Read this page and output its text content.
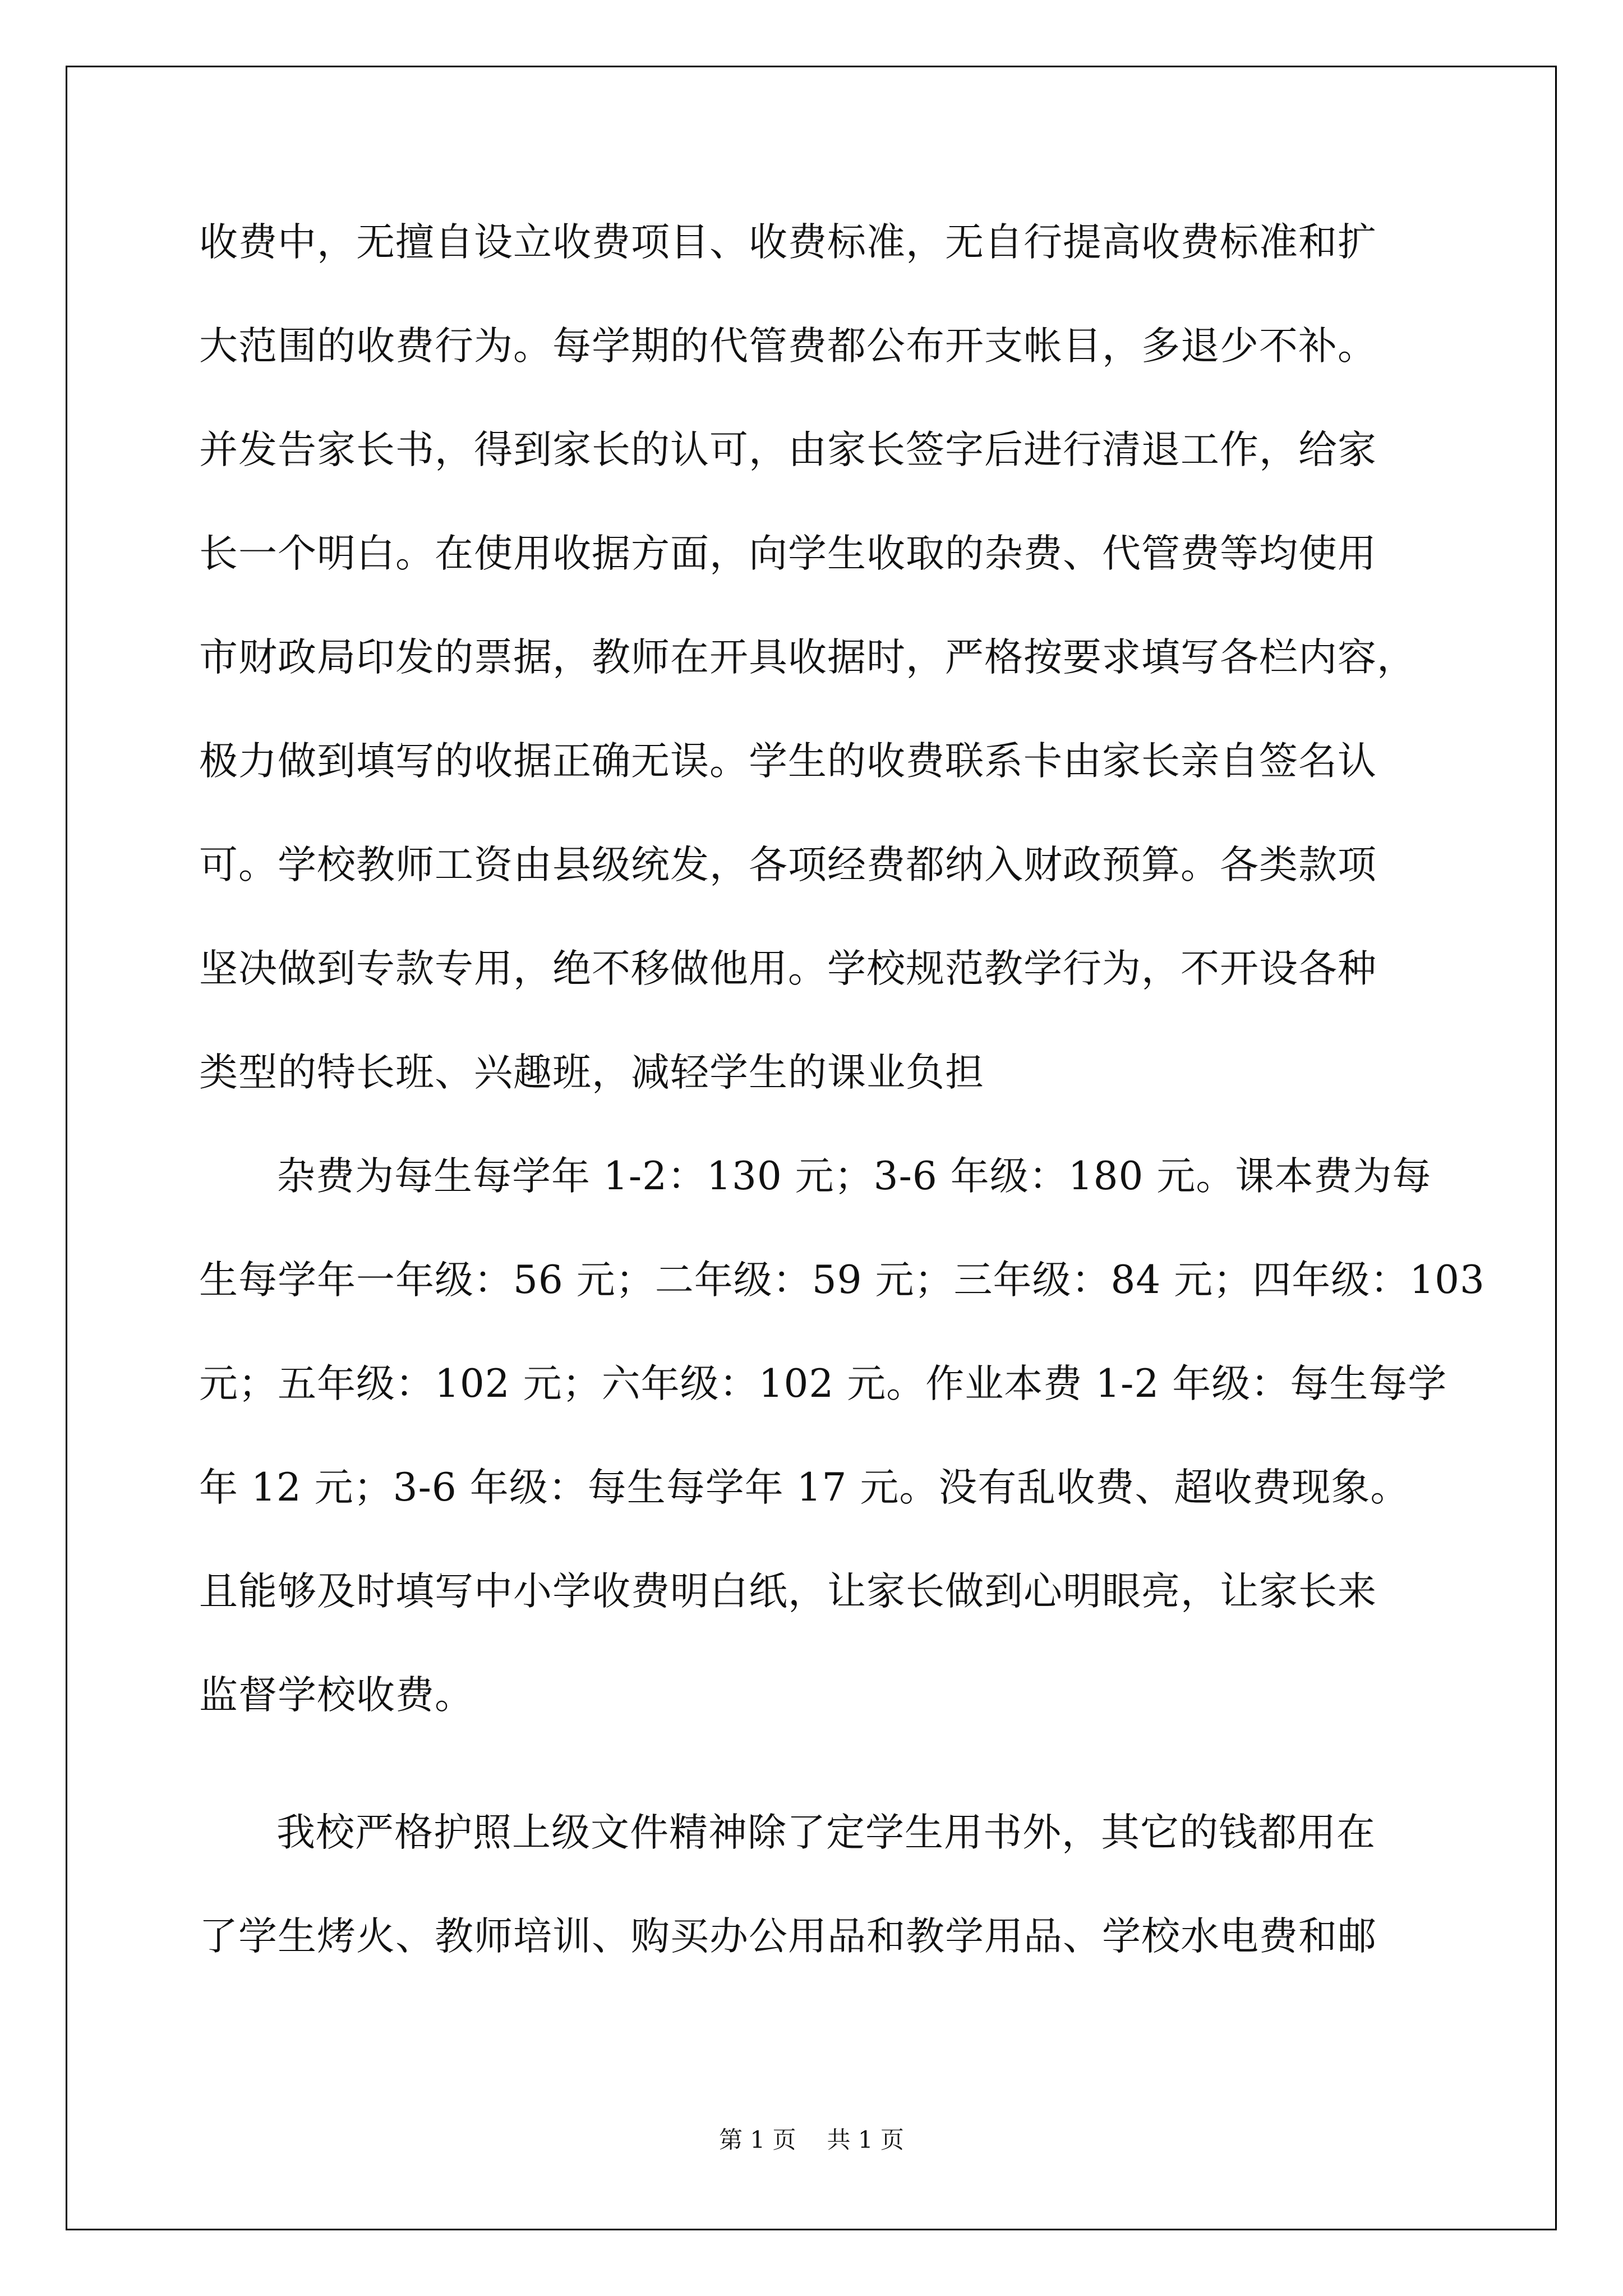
收费中，无擅自设立收费项目、收费标准，无自行提高收费标准和扩
大范围的收费行为。每学期的代管费都公布开支帐目，多退少不补。
并发告家长书，得到家长的认可，由家长签字后进行清退工作，给家
长一个明白。在使用收据方面，向学生收取的杂费、代管费等均使用
市财政局印发的票据，教师在开具收据时，严格按要求填写各栏内容，
极力做到填写的收据正确无误。学生的收费联系卡由家长亲自签名认
可。学校教师工资由县级统发，各项经费都纳入财政预算。各类款项
坚决做到专款专用，绝不移做他用。学校规范教学行为，不开设各种
类型的特长班、兴趣班，减轻学生的课业负担
杂费为每生每学年 1-2：130 元；3-6 年级：180 元。课本费为每
生每学年一年级：56 元；二年级：59 元；三年级：84 元；四年级：103
元；五年级：102 元；六年级：102 元。作业本费 1-2 年级：每生每学
年 12 元；3-6 年级：每生每学年 17 元。没有乱收费、超收费现象。
且能够及时填写中小学收费明白纸，让家长做到心明眼亮，让家长来
监督学校收费。
我校严格护照上级文件精神除了定学生用书外，其它的钱都用在
了学生烤火、教师培训、购买办公用品和教学用品、学校水电费和邮
第 1 页 共 1 页
